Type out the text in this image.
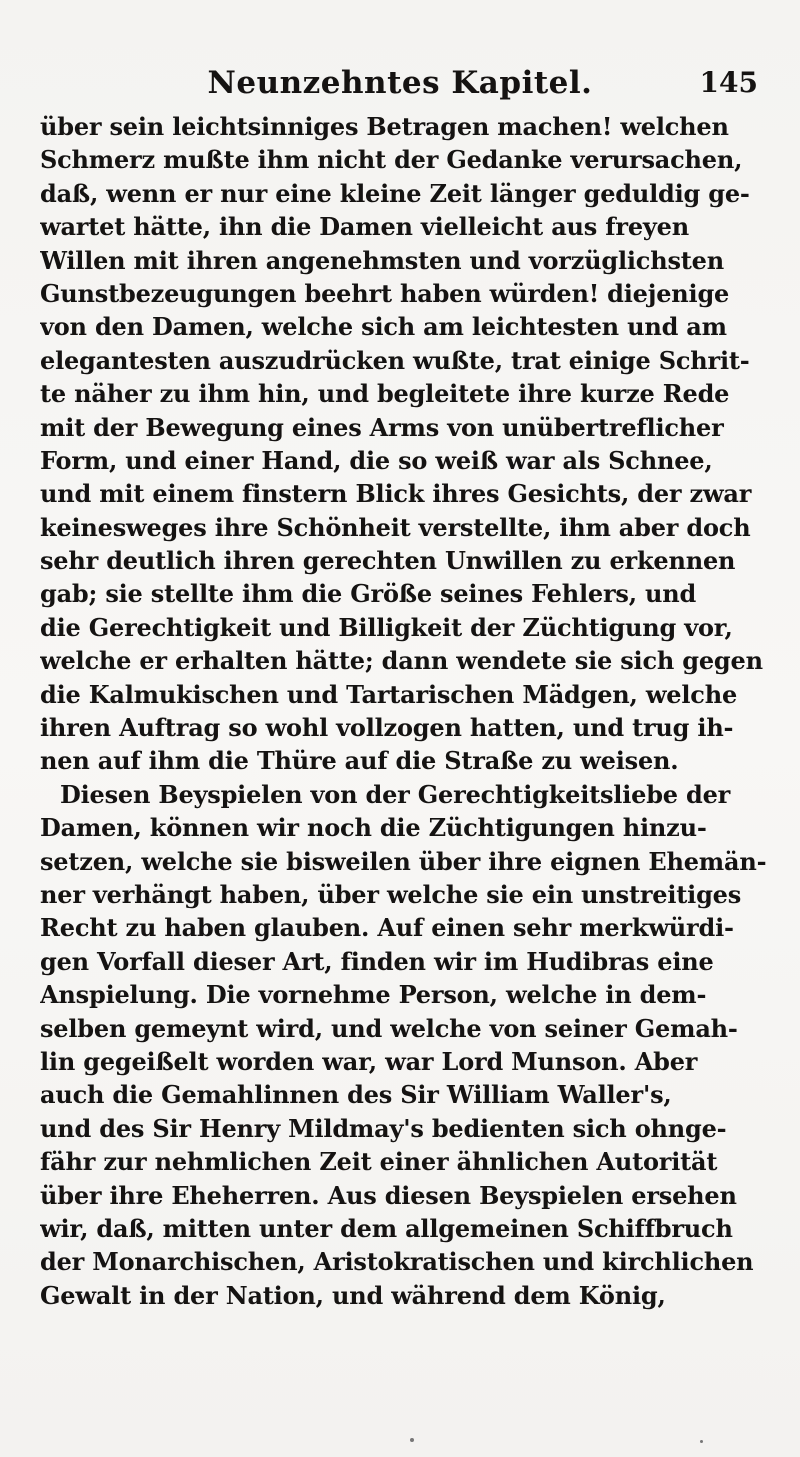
Neunzehntes Kapitel.	145
über sein leichtsinniges Betragen machen! welchen
Schmerz mußte ihm nicht der Gedanke verursachen,
daß, wenn er nur eine kleine Zeit länger geduldig ge-
wartet hätte, ihn die Damen vielleicht aus freyen
Willen mit ihren angenehmsten und vorzüglichsten
Gunstbezeugungen beehrt haben würden! diejenige
von den Damen, welche sich am leichtesten und am
elegantesten auszudrücken wußte, trat einige Schrit-
te näher zu ihm hin, und begleitete ihre kurze Rede
mit der Bewegung eines Arms von unübertreflicher
Form, und einer Hand, die so weiß war als Schnee,
und mit einem finstern Blick ihres Gesichts, der zwar
keinesweges ihre Schönheit verstellte, ihm aber doch
sehr deutlich ihren gerechten Unwillen zu erkennen
gab; sie stellte ihm die Größe seines Fehlers, und
die Gerechtigkeit und Billigkeit der Züchtigung vor,
welche er erhalten hätte; dann wendete sie sich gegen
die Kalmukischen und Tartarischen Mädgen, welche
ihren Auftrag so wohl vollzogen hatten, und trug ih-
nen auf ihm die Thüre auf die Straße zu weisen.
Diesen Beyspielen von der Gerechtigkeitsliebe der
Damen, können wir noch die Züchtigungen hinzu-
setzen, welche sie bisweilen über ihre eignen Ehemän-
ner verhängt haben, über welche sie ein unstreitiges
Recht zu haben glauben. Auf einen sehr merkwürdi-
gen Vorfall dieser Art, finden wir im Hudibras eine
Anspielung. Die vornehme Person, welche in dem-
selben gemeynt wird, und welche von seiner Gemah-
lin gegeißelt worden war, war Lord Munson. Aber
auch die Gemahlinnen des Sir William Waller's,
und des Sir Henry Mildmay's bedienten sich ohnge-
fähr zur nehmlichen Zeit einer ähnlichen Autorität
über ihre Eheherren. Aus diesen Beyspielen ersehen
wir, daß, mitten unter dem allgemeinen Schiffbruch
der Monarchischen, Aristokratischen und kirchlichen
Gewalt in der Nation, und während dem König,
